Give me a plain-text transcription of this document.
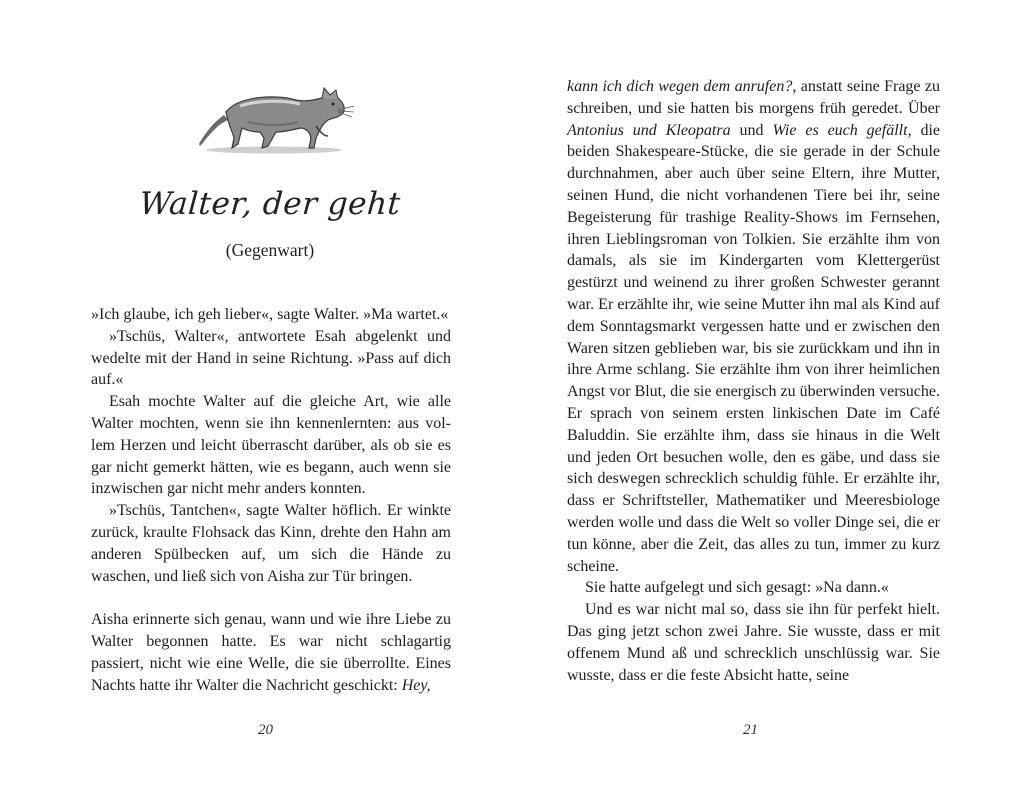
Walter, der geht
(Gegenwart)

»Ich glaube, ich geh lieber«, sagte Walter. »Ma wartet.«

»Tschüs, Walter«, antwortete Esah abgelenkt und wedelte mit der Hand in seine Richtung. »Pass auf dich auf.«

Esah mochte Walter auf die gleiche Art, wie alle Walter mochten, wenn sie ihn kennenlernten: aus vollem Herzen und leicht überrascht darüber, als ob sie es gar nicht gemerkt hätten, wie es begann, auch wenn sie inzwischen gar nicht mehr anders konnten.

»Tschüs, Tantchen«, sagte Walter höflich. Er winkte zurück, kraulte Flohsack das Kinn, drehte den Hahn am anderen Spülbecken auf, um sich die Hände zu waschen, und ließ sich von Aisha zur Tür bringen.

Aisha erinnerte sich genau, wann und wie ihre Liebe zu Walter begonnen hatte. Es war nicht schlagartig passiert, nicht wie eine Welle, die sie überrollte. Eines Nachts hatte ihr Walter die Nachricht geschickt: Hey,

20

kann ich dich wegen dem anrufen?, anstatt seine Frage zu schreiben, und sie hatten bis morgens früh geredet. Über Antonius und Kleopatra und Wie es euch gefällt, die beiden Shakespeare-Stücke, die sie gerade in der Schule durchnahmen, aber auch über seine Eltern, ihre Mutter, seinen Hund, die nicht vorhandenen Tiere bei ihr, seine Begeisterung für trashige Reality-Shows im Fernsehen, ihren Lieblingsroman von Tolkien. Sie erzählte ihm von damals, als sie im Kindergarten vom Klettergerüst gestürzt und weinend zu ihrer großen Schwester gerannt war. Er erzählte ihr, wie seine Mutter ihn mal als Kind auf dem Sonntagsmarkt vergessen hatte und er zwischen den Waren sitzen geblieben war, bis sie zurückkam und ihn in ihre Arme schlang. Sie erzählte ihm von ihrer heimlichen Angst vor Blut, die sie energisch zu überwinden versuche. Er sprach von seinem ersten linkischen Date im Café Baluddin. Sie erzählte ihm, dass sie hinaus in die Welt und jeden Ort besuchen wolle, den es gäbe, und dass sie sich deswegen schrecklich schuldig fühle. Er erzählte ihr, dass er Schriftsteller, Mathematiker und Meeresbiologe werden wolle und dass die Welt so voller Dinge sei, die er tun könne, aber die Zeit, das alles zu tun, immer zu kurz scheine.

Sie hatte aufgelegt und sich gesagt: »Na dann.«

Und es war nicht mal so, dass sie ihn für perfekt hielt. Das ging jetzt schon zwei Jahre. Sie wusste, dass er mit offenem Mund aß und schrecklich unschlüssig war. Sie wusste, dass er die feste Absicht hatte, seine

21
